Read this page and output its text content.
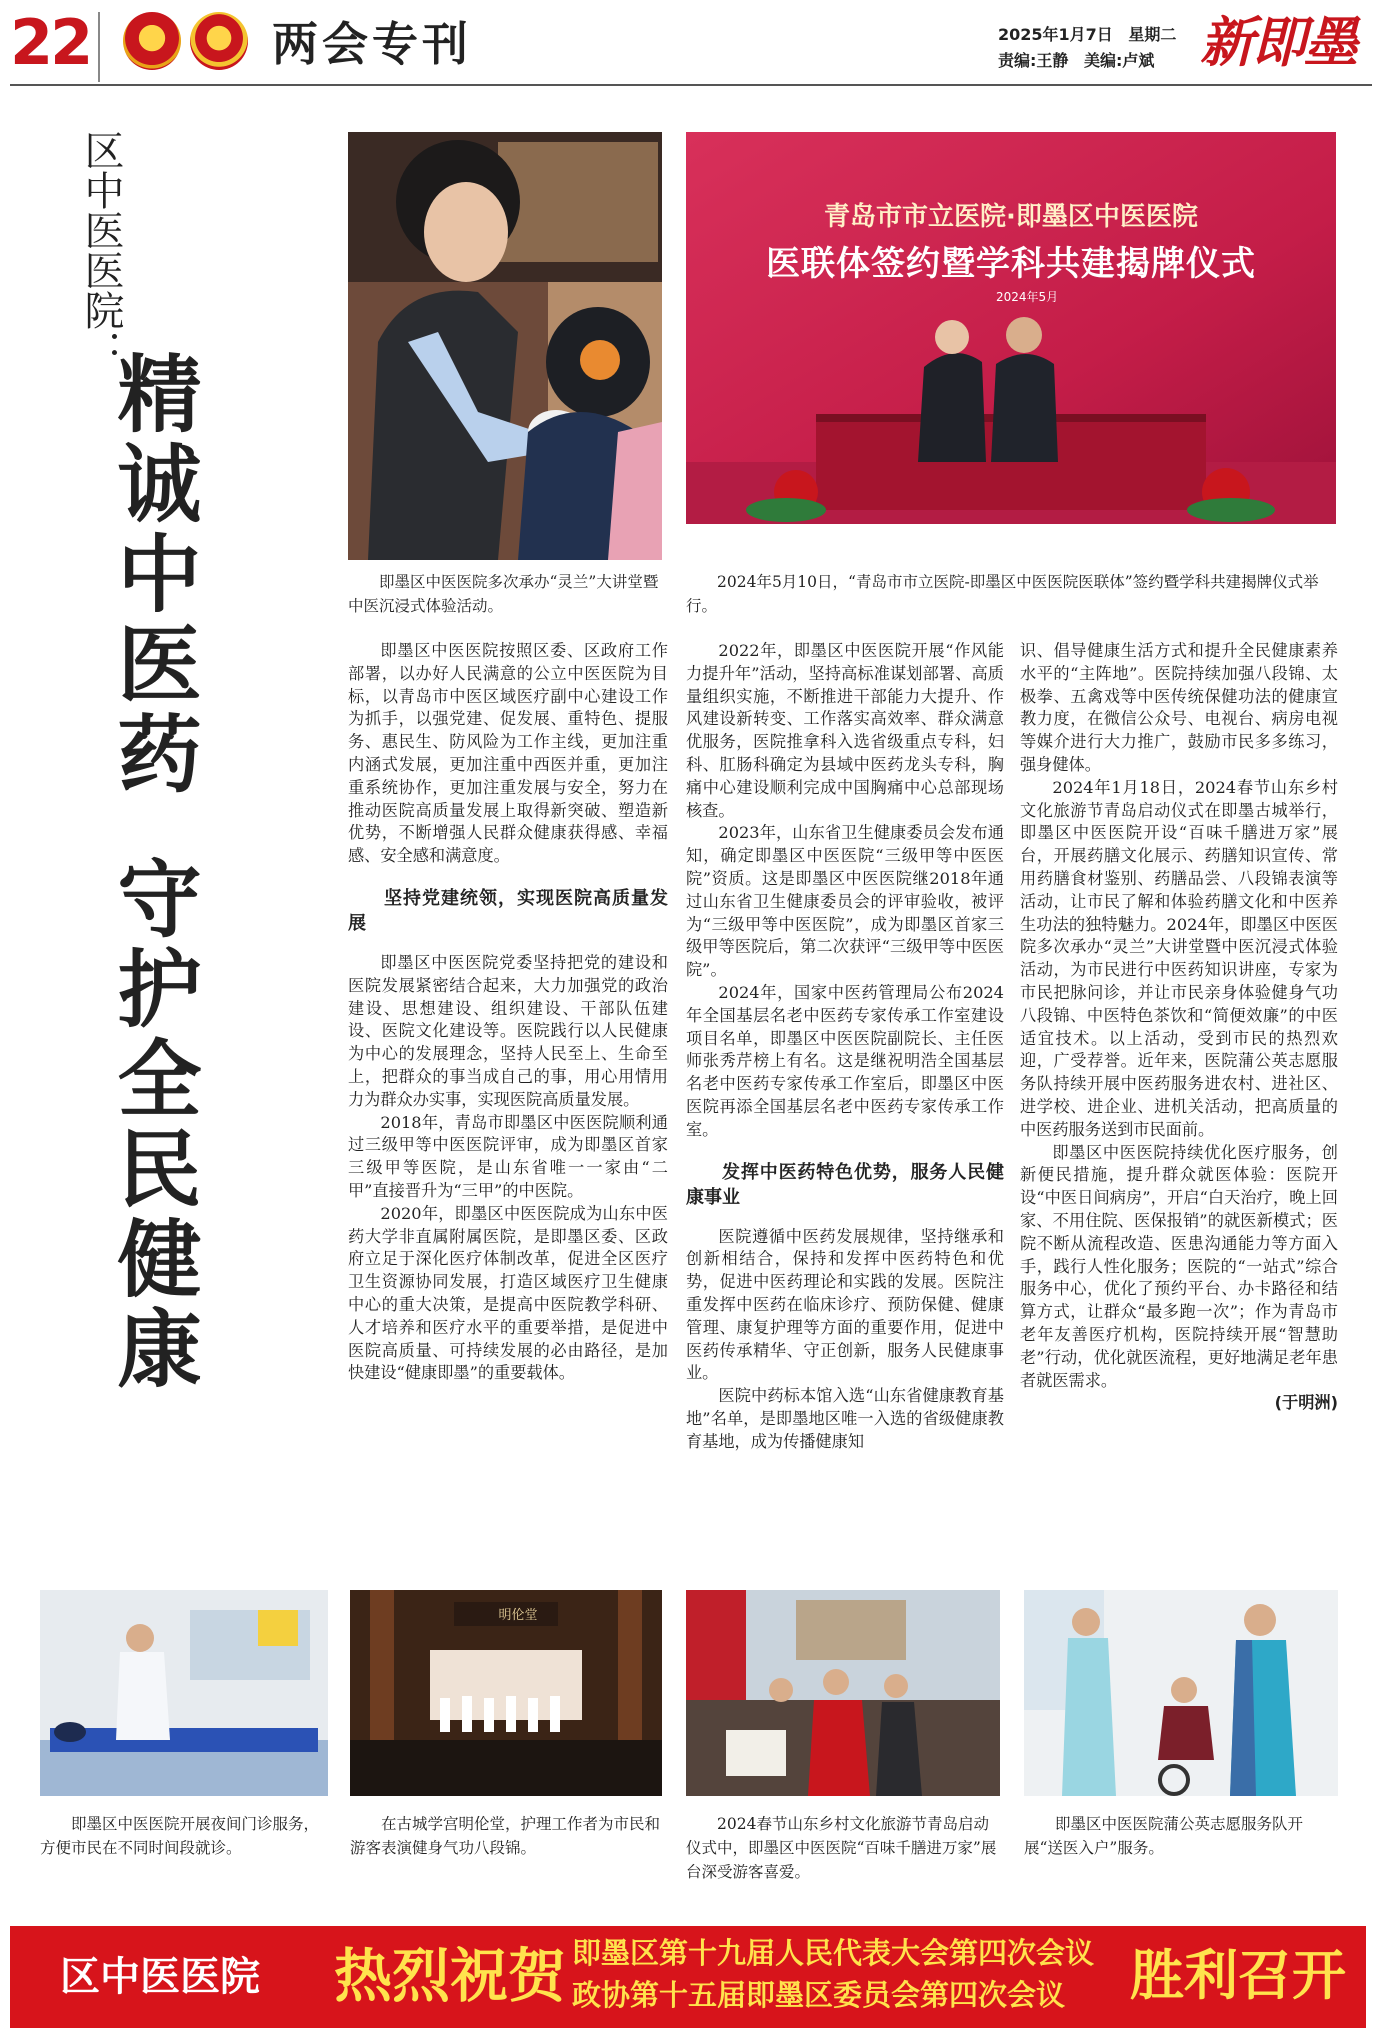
22	两会专刊	2025年1月7日 星期二
责编:王静 美编:卢斌 新即墨
区中医医院：
精诚中医药
守护全民健康
即墨区中医医院多次承办“灵兰”大讲堂暨中医沉浸式体验活动。
青岛市市立医院·即墨区中医医院
医联体签约暨学科共建揭牌仪式
2024年5月
2024年5月10日，“青岛市市立医院-即墨区中医医院医联体”签约暨学科共建揭牌仪式举行。

即墨区中医医院按照区委、区政府工作部署，以办好人民满意的公立中医医院为目标，以青岛市中医区域医疗副中心建设工作为抓手，以强党建、促发展、重特色、提服务、惠民生、防风险为工作主线，更加注重内涵式发展，更加注重中西医并重，更加注重系统协作，更加注重发展与安全，努力在推动医院高质量发展上取得新突破、塑造新优势，不断增强人民群众健康获得感、幸福感、安全感和满意度。

坚持党建统领，实现医院高质量发展

即墨区中医医院党委坚持把党的建设和医院发展紧密结合起来，大力加强党的政治建设、思想建设、组织建设、干部队伍建设、医院文化建设等。医院践行以人民健康为中心的发展理念，坚持人民至上、生命至上，把群众的事当成自己的事，用心用情用力为群众办实事，实现医院高质量发展。

2018年，青岛市即墨区中医医院顺利通过三级甲等中医医院评审，成为即墨区首家三级甲等医院，是山东省唯一一家由“二甲”直接晋升为“三甲”的中医院。

2020年，即墨区中医医院成为山东中医药大学非直属附属医院，是即墨区委、区政府立足于深化医疗体制改革，促进全区医疗卫生资源协同发展，打造区域医疗卫生健康中心的重大决策，是提高中医院教学科研、人才培养和医疗水平的重要举措，是促进中医院高质量、可持续发展的必由路径，是加快建设“健康即墨”的重要载体。

2022年，即墨区中医医院开展“作风能力提升年”活动，坚持高标准谋划部署、高质量组织实施，不断推进干部能力大提升、作风建设新转变、工作落实高效率、群众满意优服务，医院推拿科入选省级重点专科，妇科、肛肠科确定为县域中医药龙头专科，胸痛中心建设顺利完成中国胸痛中心总部现场核查。

2023年，山东省卫生健康委员会发布通知，确定即墨区中医医院“三级甲等中医医院”资质。这是即墨区中医医院继2018年通过山东省卫生健康委员会的评审验收，被评为“三级甲等中医医院”，成为即墨区首家三级甲等医院后，第二次获评“三级甲等中医医院”。

2024年，国家中医药管理局公布2024年全国基层名老中医药专家传承工作室建设项目名单，即墨区中医医院副院长、主任医师张秀芹榜上有名。这是继祝明浩全国基层名老中医药专家传承工作室后，即墨区中医医院再添全国基层名老中医药专家传承工作室。

发挥中医药特色优势，服务人民健康事业

医院遵循中医药发展规律，坚持继承和创新相结合，保持和发挥中医药特色和优势，促进中医药理论和实践的发展。医院注重发挥中医药在临床诊疗、预防保健、健康管理、康复护理等方面的重要作用，促进中医药传承精华、守正创新，服务人民健康事业。

医院中药标本馆入选“山东省健康教育基地”名单，是即墨地区唯一入选的省级健康教育基地，成为传播健康知

识、倡导健康生活方式和提升全民健康素养水平的“主阵地”。医院持续加强八段锦、太极拳、五禽戏等中医传统保健功法的健康宣教力度，在微信公众号、电视台、病房电视等媒介进行大力推广，鼓励市民多多练习，强身健体。

2024年1月18日，2024春节山东乡村文化旅游节青岛启动仪式在即墨古城举行，即墨区中医医院开设“百味千膳进万家”展台，开展药膳文化展示、药膳知识宣传、常用药膳食材鉴别、药膳品尝、八段锦表演等活动，让市民了解和体验药膳文化和中医养生功法的独特魅力。2024年，即墨区中医医院多次承办“灵兰”大讲堂暨中医沉浸式体验活动，为市民进行中医药知识讲座，专家为市民把脉问诊，并让市民亲身体验健身气功八段锦、中医特色茶饮和“简便效廉”的中医适宜技术。以上活动，受到市民的热烈欢迎，广受荐誉。近年来，医院蒲公英志愿服务队持续开展中医药服务进农村、进社区、进学校、进企业、进机关活动，把高质量的中医药服务送到市民面前。

即墨区中医医院持续优化医疗服务，创新便民措施，提升群众就医体验：医院开设“中医日间病房”，开启“白天治疗，晚上回家、不用住院、医保报销”的就医新模式；医院不断从流程改造、医患沟通能力等方面入手，践行人性化服务；医院的“一站式”综合服务中心，优化了预约平台、办卡路径和结算方式，让群众“最多跑一次”；作为青岛市老年友善医疗机构，医院持续开展“智慧助老”行动，优化就医流程，更好地满足老年患者就医需求。

(于明洲)

即墨区中医医院开展夜间门诊服务，方便市民在不同时间段就诊。
明伦堂
在古城学宫明伦堂，护理工作者为市民和游客表演健身气功八段锦。
2024春节山东乡村文化旅游节青岛启动仪式中，即墨区中医医院“百味千膳进万家”展台深受游客喜爱。
即墨区中医医院蒲公英志愿服务队开展“送医入户”服务。
区中医医院 热烈祝贺 即墨区第十九届人民代表大会第四次会议
政协第十五届即墨区委员会第四次会议 胜利召开
